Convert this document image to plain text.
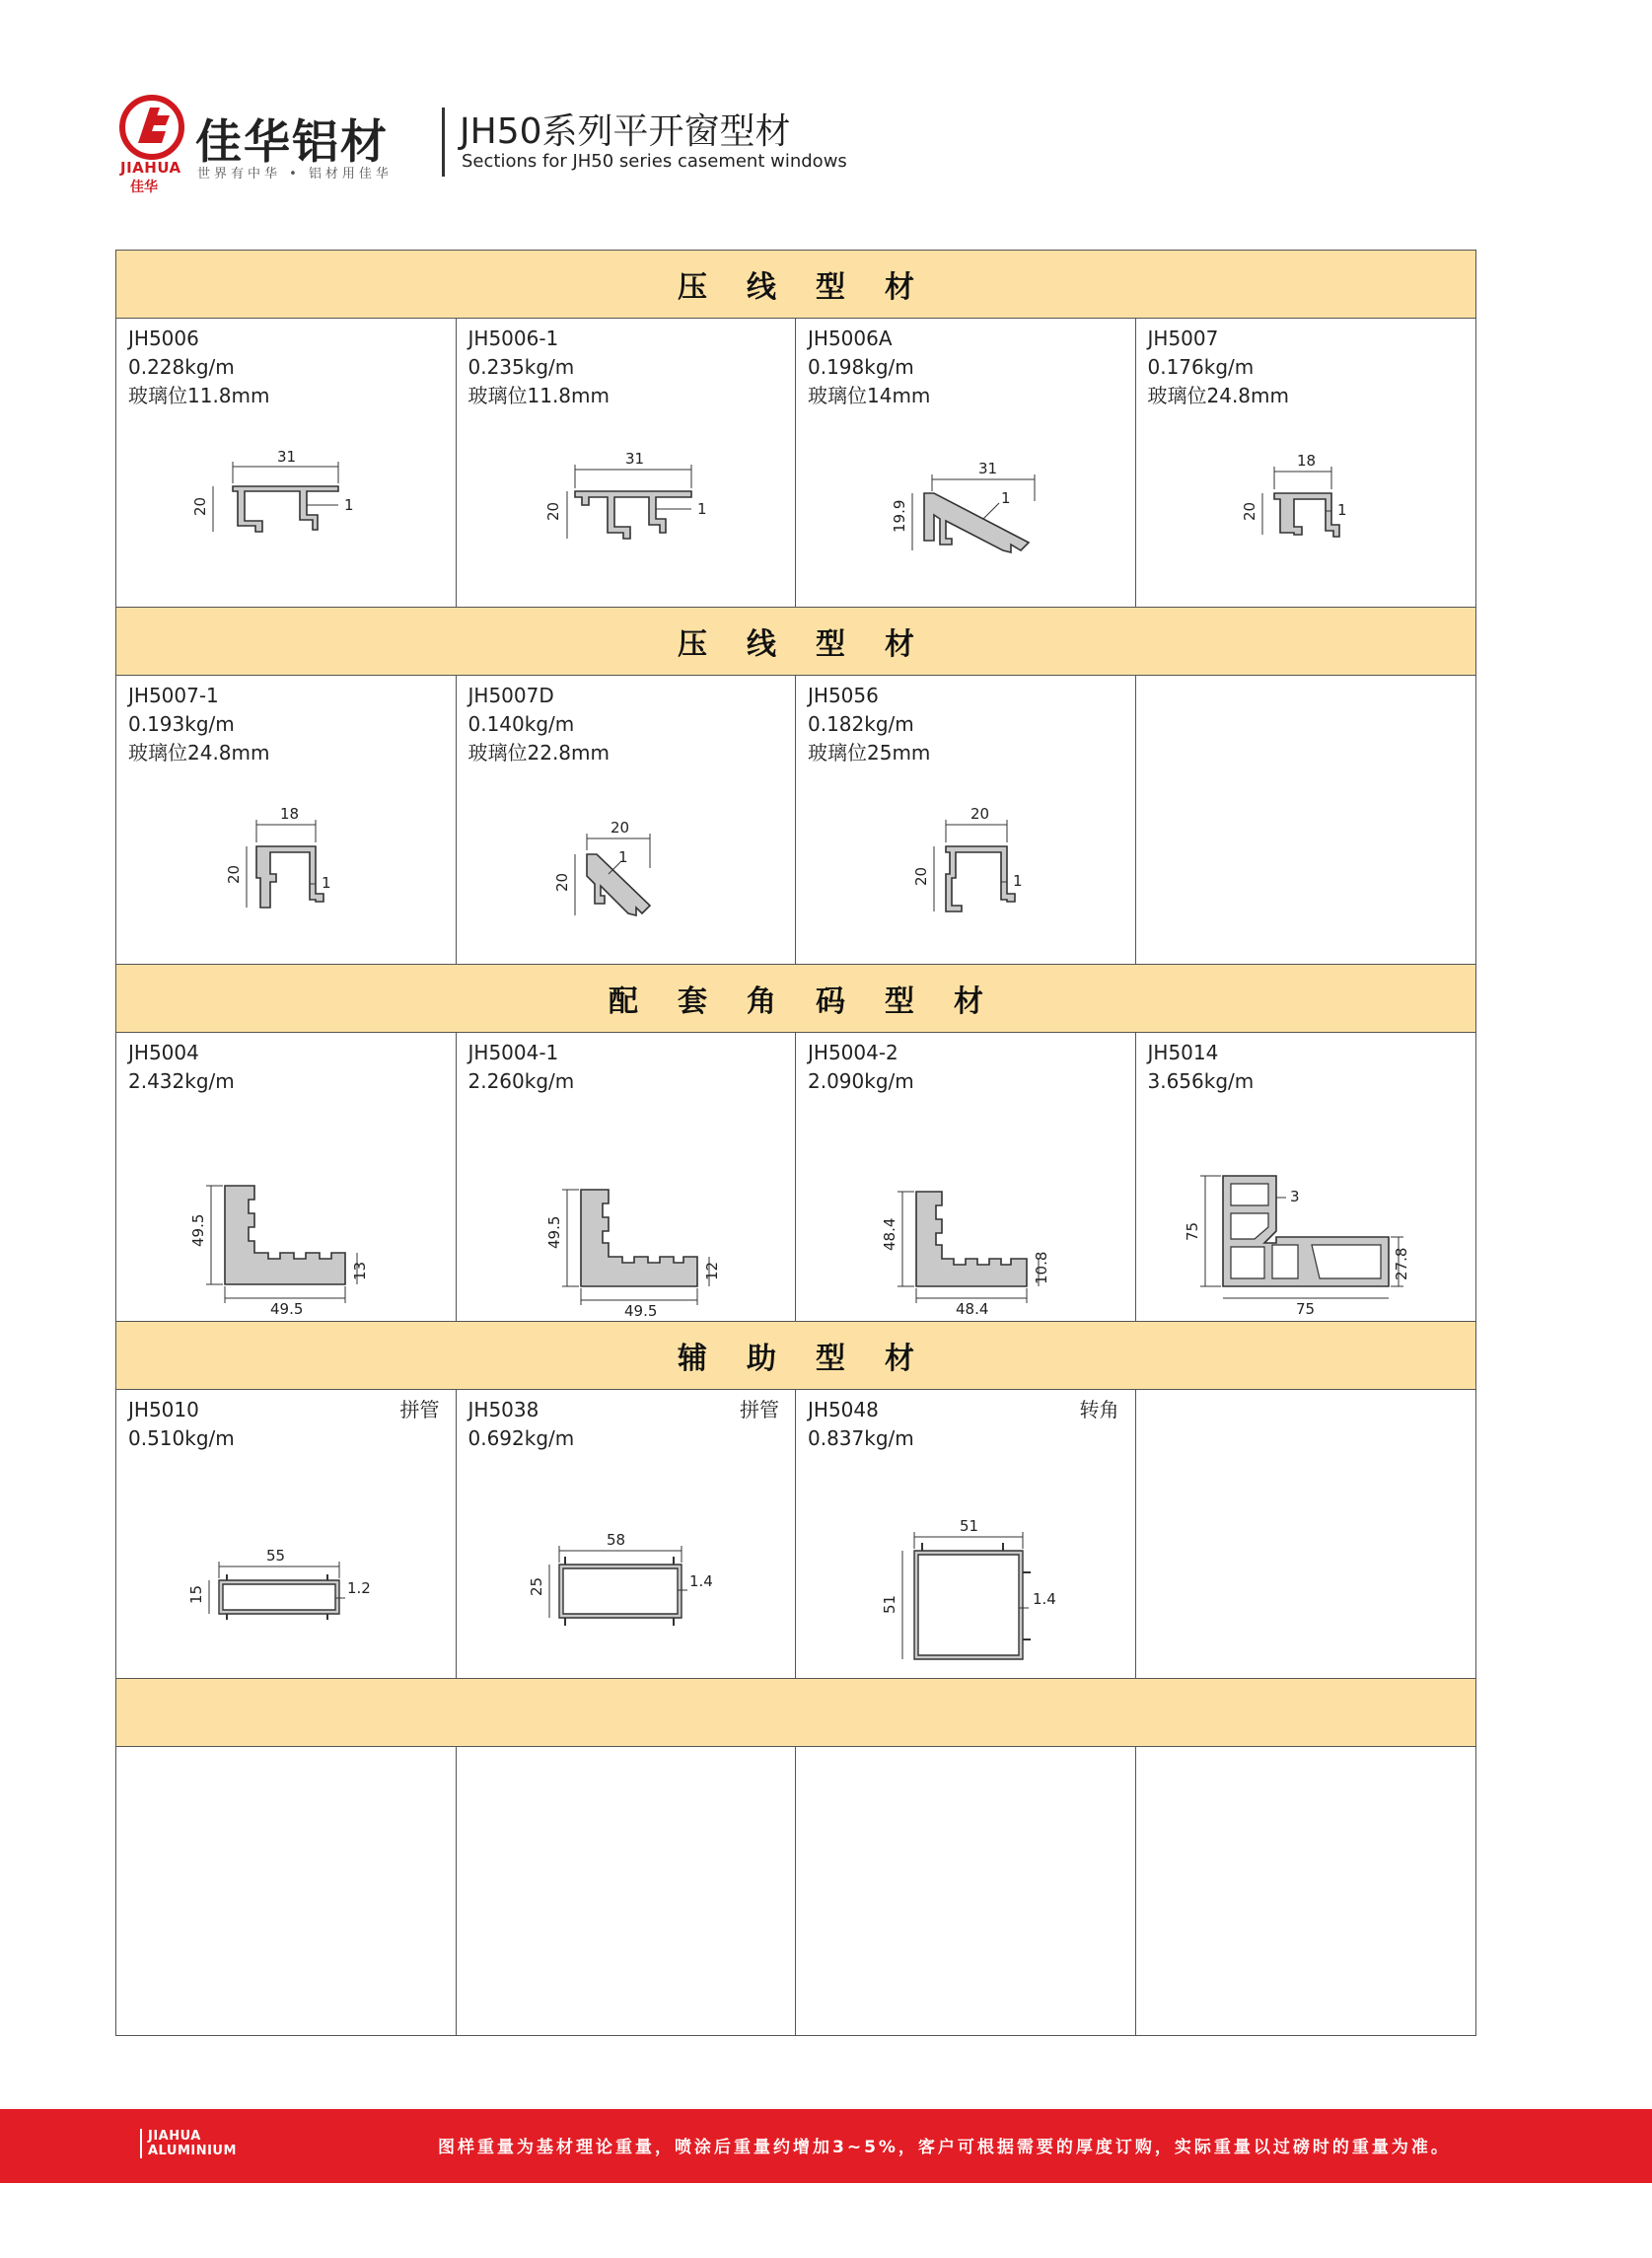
JIAHUA
佳华
佳华铝材
世界有中华 • 铝材用佳华
JH50系列平开窗型材
Sections for JH50 series casement windows
压线型材
JH5006
0.228kg/m
玻璃位11.8mm
31
20	1
JH5006-1
0.235kg/m
玻璃位11.8mm
31
20	1
JH5006A
0.198kg/m
玻璃位14mm
31
19.9
1
JH5007
0.176kg/m
玻璃位24.8mm
18
20	1
压线型材
JH5007-1
0.193kg/m
玻璃位24.8mm
18
20	1
JH5007D
0.140kg/m
玻璃位22.8mm
20
20
1
JH5056
0.182kg/m
玻璃位25mm
20
20	1
配套角码型材
JH5004
2.432kg/m
49.5
13
49.5
JH5004-1
2.260kg/m
49.5
12
49.5
JH5004-2
2.090kg/m
48.4
10.8
48.4
JH5014
3.656kg/m
3
75
27.8
75
辅助型材
JH5010
0.510kg/m
拼管
55
15	1.2
JH5038
0.692kg/m
拼管
58
25	1.4
JH5048
0.837kg/m
转角
51
51	1.4
JIAHUA
ALUMINIUM	图样重量为基材理论重量，喷涂后重量约增加3~5%，客户可根据需要的厚度订购，实际重量以过磅时的重量为准。
